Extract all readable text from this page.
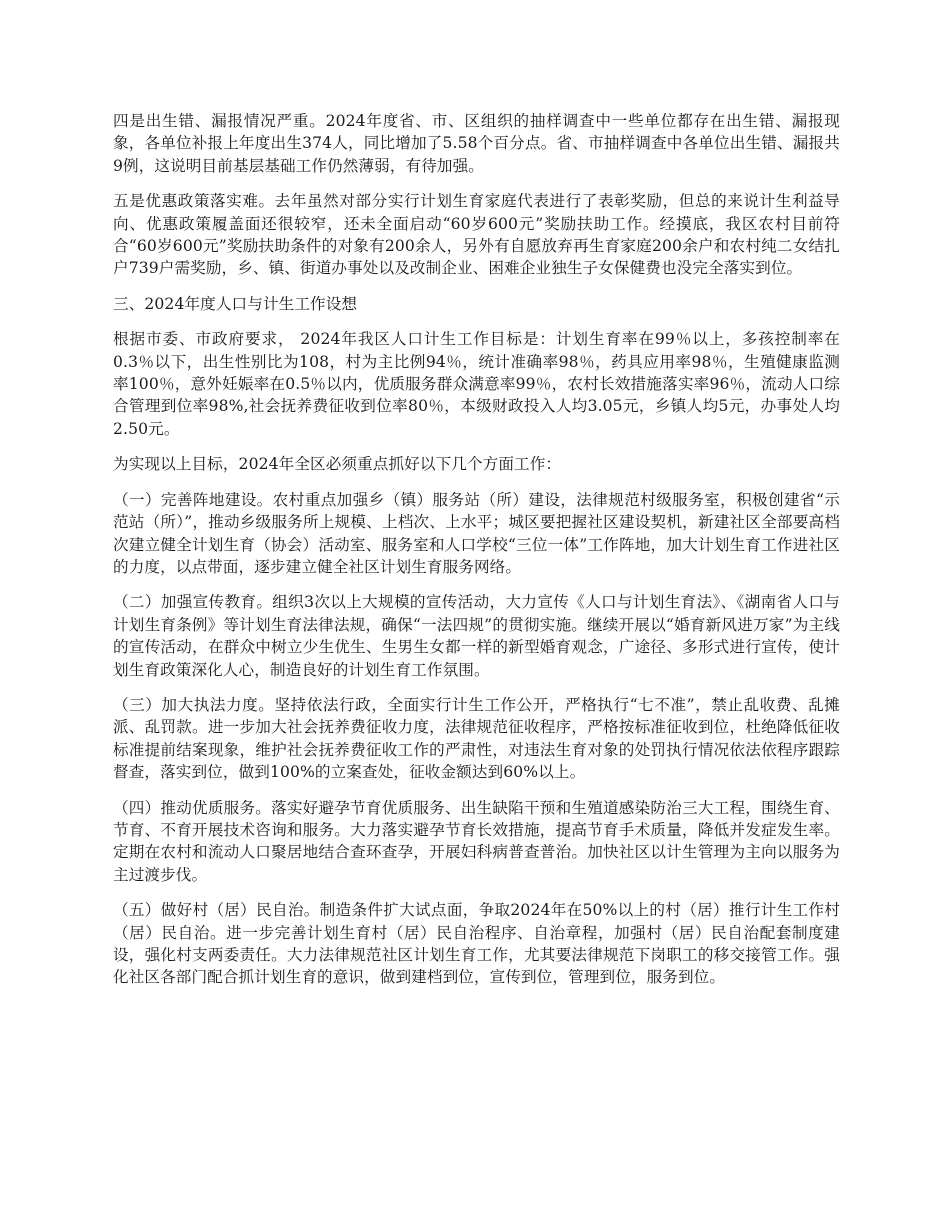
四是出生错、漏报情况严重。2024年度省、市、区组织的抽样调查中一些单位都存在出生错、漏报现象，各单位补报上年度出生374人，同比增加了5.58个百分点。省、市抽样调查中各单位出生错、漏报共9例，这说明目前基层基础工作仍然薄弱，有待加强。

五是优惠政策落实难。去年虽然对部分实行计划生育家庭代表进行了表彰奖励，但总的来说计生利益导向、优惠政策履盖面还很较窄，还未全面启动“60岁600元”奖励扶助工作。经摸底，我区农村目前符合“60岁600元”奖励扶助条件的对象有200余人，另外有自愿放弃再生育家庭200余户和农村纯二女结扎户739户需奖励，乡、镇、街道办事处以及改制企业、困难企业独生子女保健费也没完全落实到位。

三、2024年度人口与计生工作设想

根据市委、市政府要求， 2024年我区人口计生工作目标是：计划生育率在99％以上，多孩控制率在0.3％以下，出生性别比为108，村为主比例94％，统计准确率98％，药具应用率98％，生殖健康监测率100％，意外妊娠率在0.5％以内，优质服务群众满意率99％，农村长效措施落实率96％，流动人口综合管理到位率98%,社会抚养费征收到位率80％，本级财政投入人均3.05元，乡镇人均5元，办事处人均2.50元。

为实现以上目标，2024年全区必须重点抓好以下几个方面工作：

（一）完善阵地建设。农村重点加强乡（镇）服务站（所）建设，法律规范村级服务室，积极创建省“示范站（所）”，推动乡级服务所上规模、上档次、上水平；城区要把握社区建设契机，新建社区全部要高档次建立健全计划生育（协会）活动室、服务室和人口学校“三位一体”工作阵地，加大计划生育工作进社区的力度，以点带面，逐步建立健全社区计划生育服务网络。

（二）加强宣传教育。组织3次以上大规模的宣传活动，大力宣传《人口与计划生育法》、《湖南省人口与计划生育条例》等计划生育法律法规，确保“一法四规”的贯彻实施。继续开展以“婚育新风进万家”为主线的宣传活动，在群众中树立少生优生、生男生女都一样的新型婚育观念，广途径、多形式进行宣传，使计划生育政策深化人心，制造良好的计划生育工作氛围。

（三）加大执法力度。坚持依法行政，全面实行计生工作公开，严格执行“七不准”，禁止乱收费、乱摊派、乱罚款。进一步加大社会抚养费征收力度，法律规范征收程序，严格按标准征收到位，杜绝降低征收标准提前结案现象，维护社会抚养费征收工作的严肃性，对违法生育对象的处罚执行情况依法依程序跟踪督查，落实到位，做到100%的立案查处，征收金额达到60%以上。

（四）推动优质服务。落实好避孕节育优质服务、出生缺陷干预和生殖道感染防治三大工程，围绕生育、节育、不育开展技术咨询和服务。大力落实避孕节育长效措施，提高节育手术质量，降低并发症发生率。定期在农村和流动人口聚居地结合查环查孕，开展妇科病普查普治。加快社区以计生管理为主向以服务为主过渡步伐。

（五）做好村（居）民自治。制造条件扩大试点面，争取2024年在50%以上的村（居）推行计生工作村（居）民自治。进一步完善计划生育村（居）民自治程序、自治章程，加强村（居）民自治配套制度建设，强化村支两委责任。大力法律规范社区计划生育工作，尤其要法律规范下岗职工的移交接管工作。强化社区各部门配合抓计划生育的意识，做到建档到位，宣传到位，管理到位，服务到位。
